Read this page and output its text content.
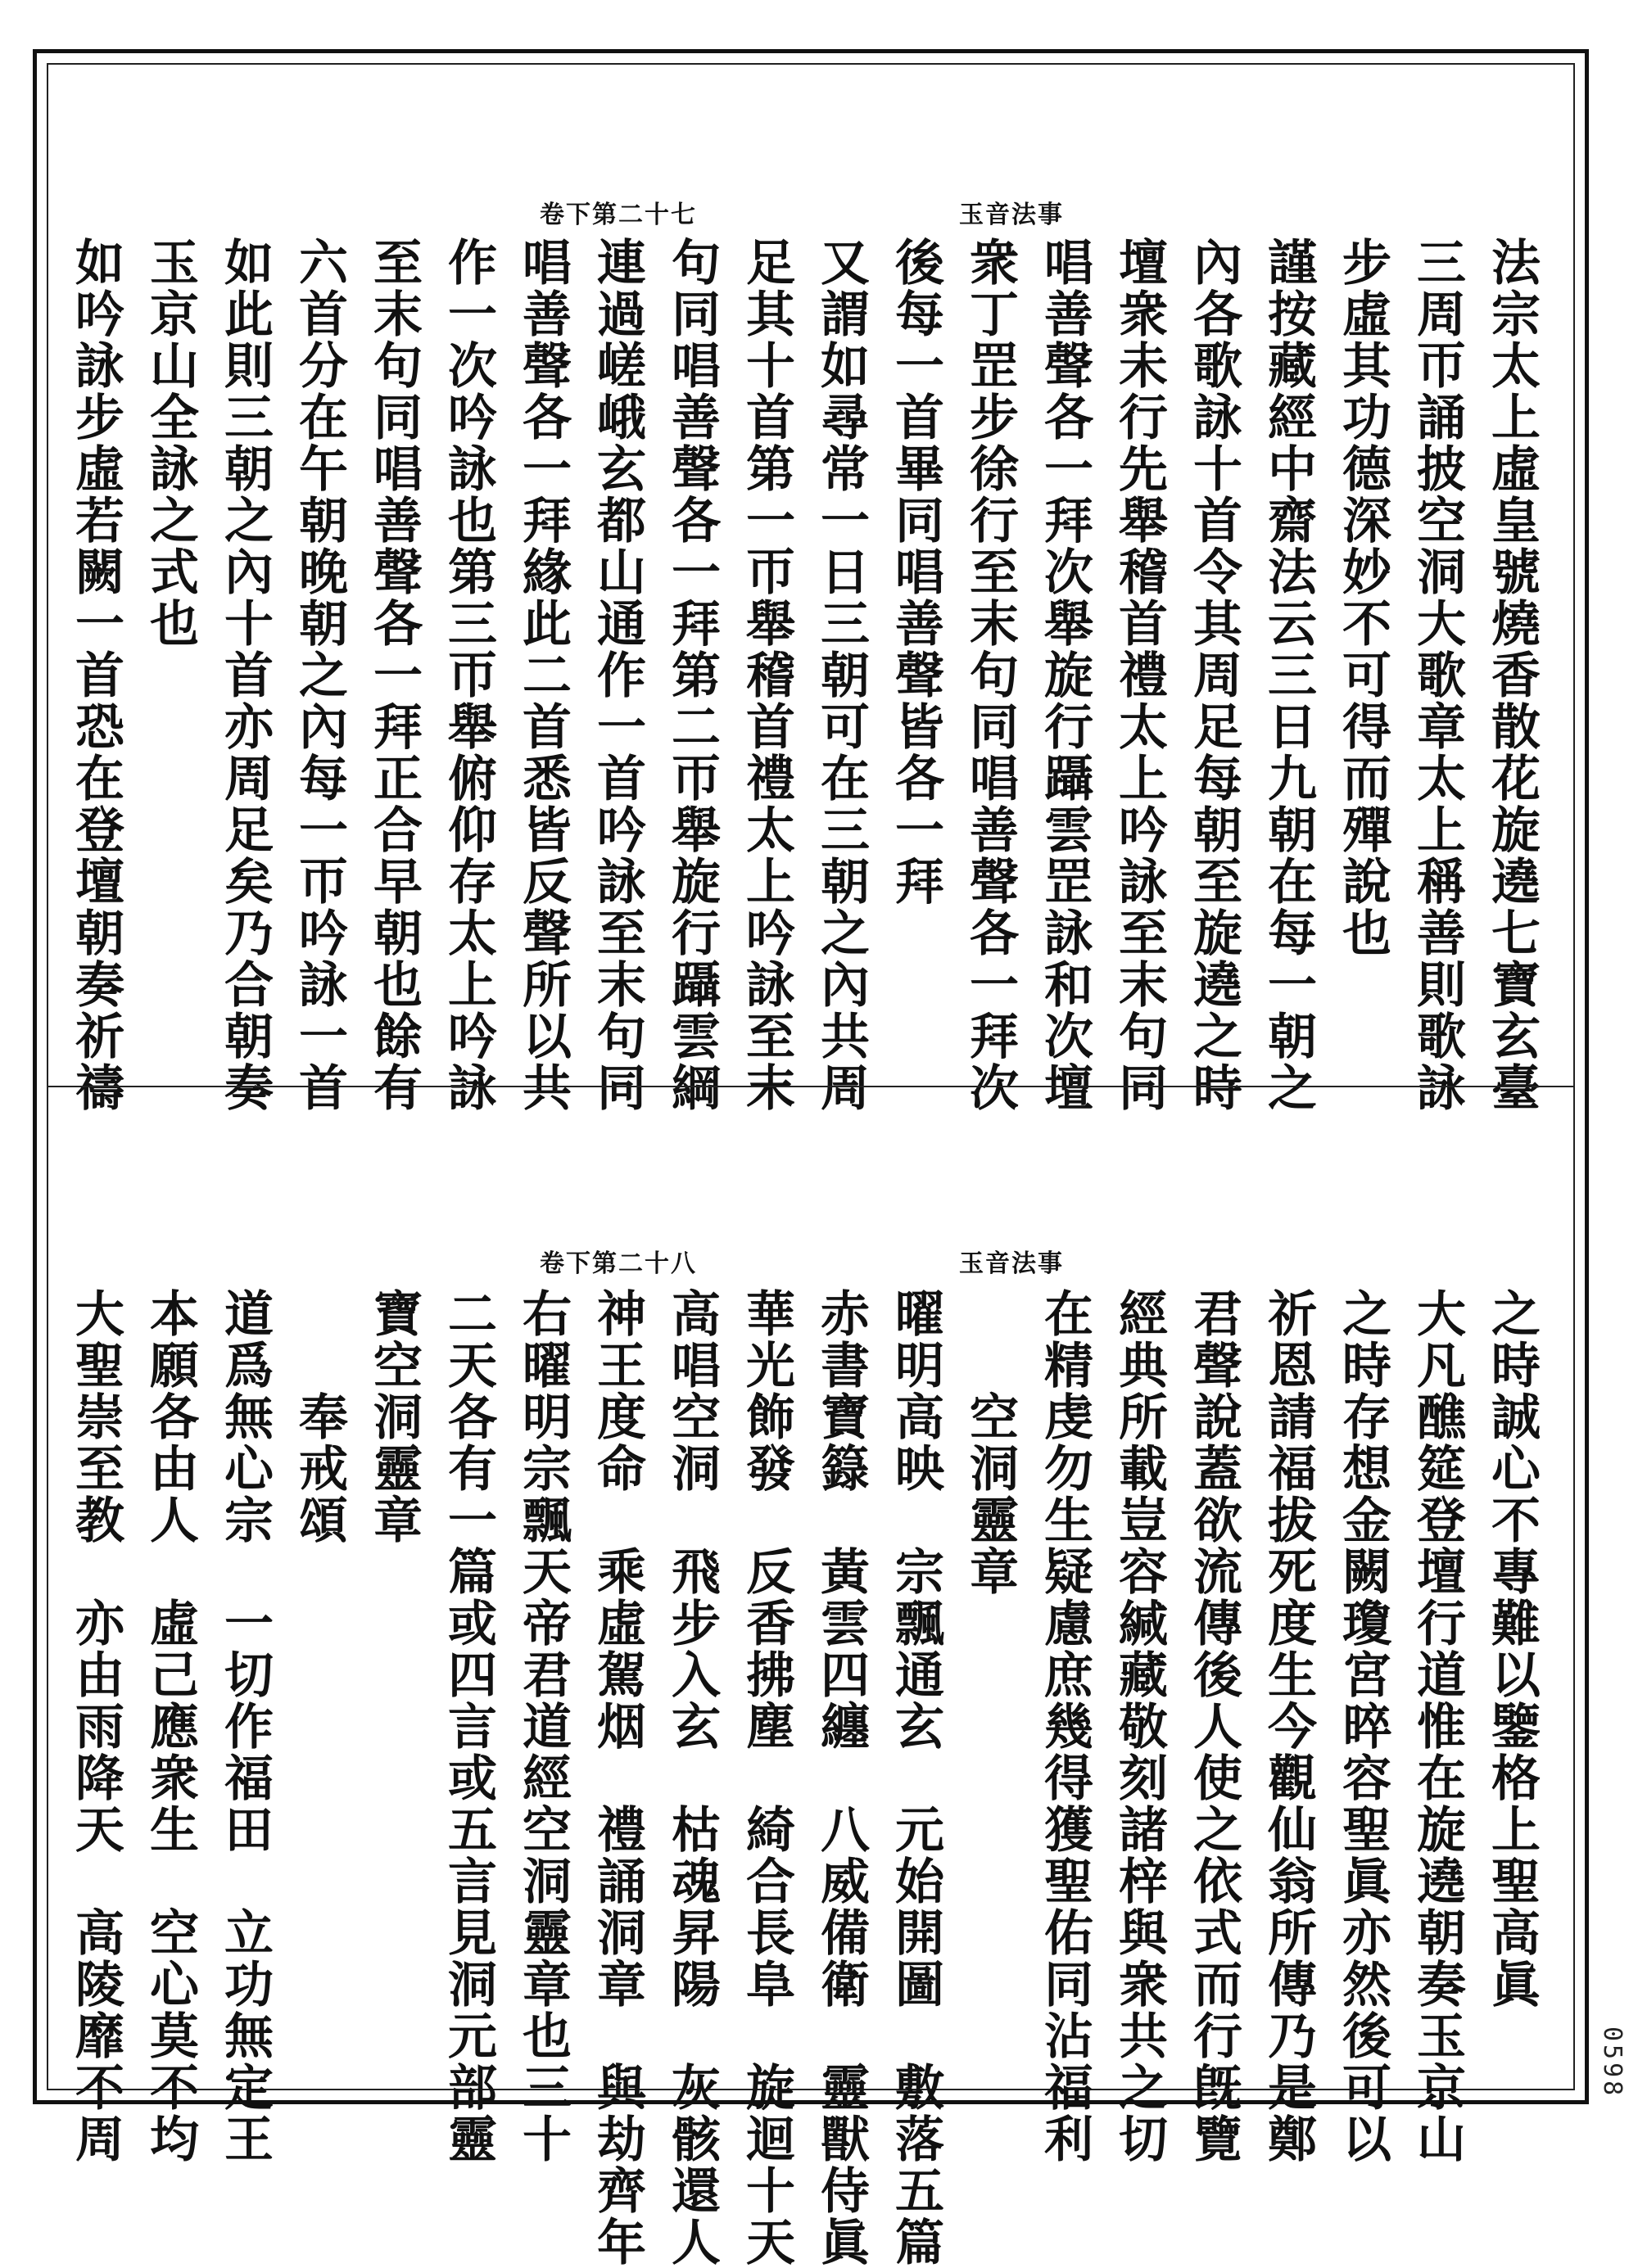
玉音法事
卷下第二十七
法宗太上虛皇號燒香散花旋遶七寶玄臺
三周帀誦披空洞大歌章太上稱善則歌詠
步虛其功德深妙不可得而殫說也
謹按藏經中齋法云三日九朝在每一朝之
內各歌詠十首令其周足每朝至旋遶之時
壇衆未行先舉稽首禮太上吟詠至末句同
唱善聲各一拜次舉旋行躡雲罡詠和次壇
衆丁罡步徐行至末句同唱善聲各一拜次
後每一首畢同唱善聲皆各一拜
又謂如尋常一日三朝可在三朝之內共周
足其十首第一帀舉稽首禮太上吟詠至末
句同唱善聲各一拜第二帀舉旋行躡雲綱
連過嵯峨玄都山通作一首吟詠至末句同
唱善聲各一拜緣此二首悉皆反聲所以共
作一次吟詠也第三帀舉俯仰存太上吟詠
至末句同唱善聲各一拜正合早朝也餘有
六首分在午朝晚朝之內每一帀吟詠一首
如此則三朝之內十首亦周足矣乃合朝奏
玉京山全詠之式也
如吟詠步虛若闕一首恐在登壇朝奏祈禱
玉音法事
卷下第二十八
之時誠心不專難以鑒格上聖高眞
大凡醮筵登壇行道惟在旋遶朝奏玉京山
之時存想金闕瓊宮晬容聖眞亦然後可以
祈恩請福拔死度生今觀仙翁所傳乃是鄭
君聲說蓋欲流傳後人使之依式而行旣覽
經典所載豈容緘藏敬刻諸梓與衆共之切
在精虔勿生疑慮庶幾得獲聖佑同沾福利
　　空洞靈章
曜明高映　宗飄通玄　元始開圖　敷落五篇
赤書寶籙　黃雲四纏　八威備衛　靈獸侍眞
華光飾發　反香拂塵　綺合長阜　旋迴十天
高唱空洞　飛步入玄　枯魂昇陽　灰骸還人
神王度命　乘虛駕烟　禮誦洞章　與劫齊年
右曜明宗飄天帝君道經空洞靈章也三十
二天各有一篇或四言或五言見洞元部靈
寶空洞靈章
　　奉戒頌
道爲無心宗　一切作福田　立功無定王
本願各由人　虛己應衆生　空心莫不均
大聖崇至教　亦由雨降天　高陵靡不周	0598
